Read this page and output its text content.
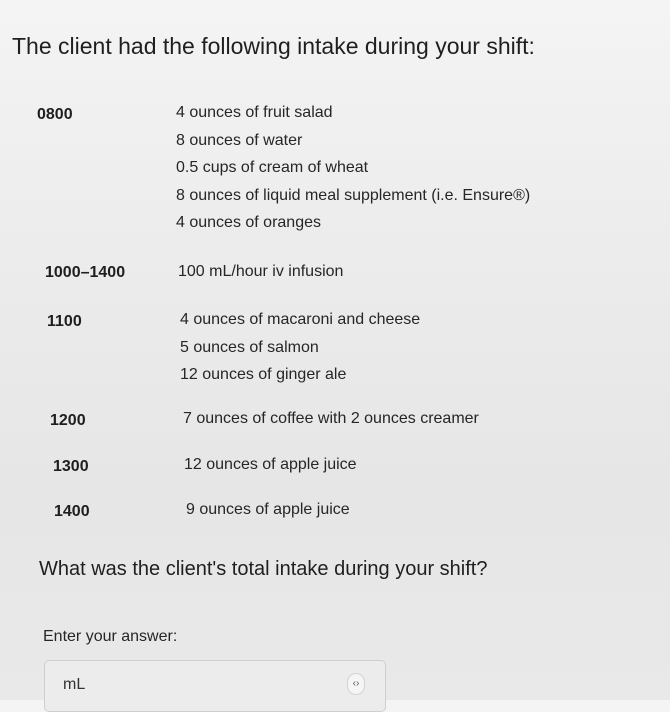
The client had the following intake during your shift:
0800	4 ounces of fruit salad
8 ounces of water
0.5 cups of cream of wheat
8 ounces of liquid meal supplement (i.e. Ensure®)
4 ounces of oranges
1000–1400	100 mL/hour iv infusion
1100	4 ounces of macaroni and cheese
5 ounces of salmon
12 ounces of ginger ale
1200	7 ounces of coffee with 2 ounces creamer
1300	12 ounces of apple juice
1400	9 ounces of apple juice
What was the client's total intake during your shift?
Enter your answer:
mL	‹›
